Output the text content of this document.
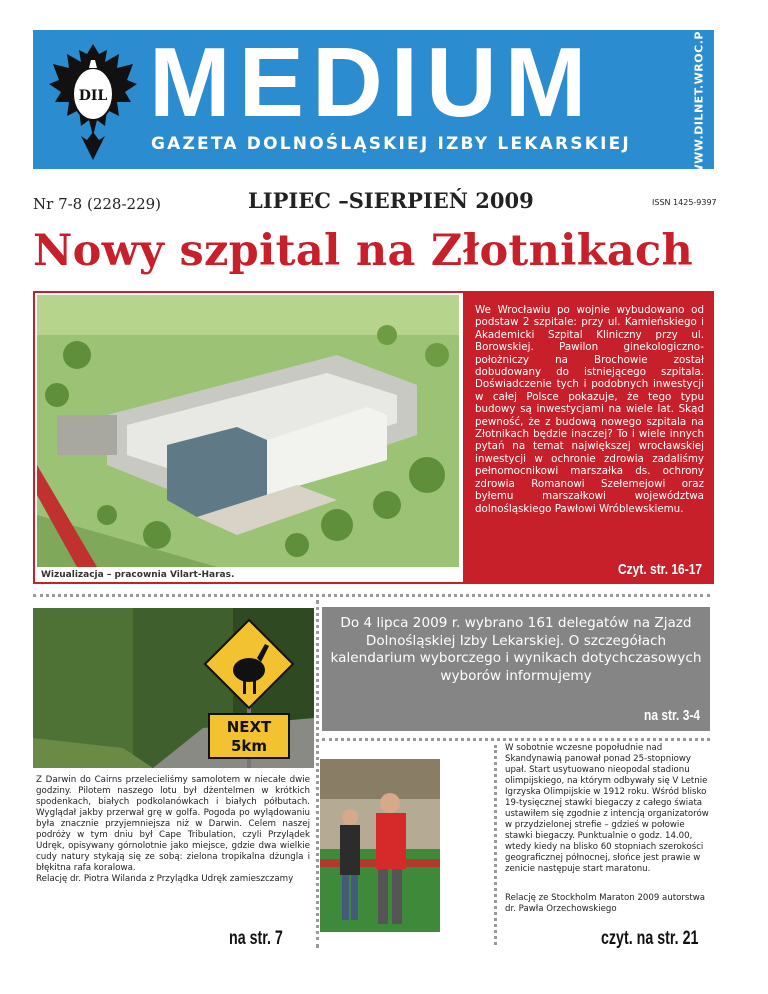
DIL MEDIUM
GAZETA DOLNOŚLĄSKIEJ IZBY LEKARSKIEJ	WWW.DILNET.WROC.PL
Nr 7-8 (228-229)	LIPIEC –SIERPIEŃ 2009	ISSN 1425-9397
Nowy szpital na Złotnikach
Wizualizacja – pracownia Vilart-Haras.
We Wrocławiu po wojnie wybudowano od podstaw 2 szpitale: przy ul. Kamieńskiego i Akademicki Szpital Kliniczny przy ul. Borowskiej. Pawilon ginekologiczno-położniczy na Brochowie został dobudowany do istniejącego szpitala. Doświadczenie tych i podobnych inwestycji w całej Polsce pokazuje, że tego typu budowy są inwestycjami na wiele lat. Skąd pewność, że z budową nowego szpitala na Złotnikach będzie inaczej? To i wiele innych pytań na temat największej wrocławskiej inwestycji w ochronie zdrowia zadaliśmy pełnomocnikowi marszałka ds. ochrony zdrowia Romanowi Szełemejowi oraz byłemu marszałkowi województwa dolnośląskiego Pawłowi Wróblewskiemu.
Czyt. str. 16-17
Do 4 lipca 2009 r. wybrano 161 delegatów na Zjazd Dolnośląskiej Izby Lekarskiej. O szczegółach kalendarium wyborczego i wynikach dotychczasowych wyborów informujemy
na str. 3-4
NEXT
5km
Z Darwin do Cairns przelecieliśmy samolotem w niecałe dwie godziny. Pilotem naszego lotu był dżentelmen w krótkich spodenkach, białych podkolanówkach i białych półbutach. Wyglądał jakby przerwał grę w golfa. Pogoda po wylądowaniu była znacznie przyjemniejsza niż w Darwin. Celem naszej podróży w tym dniu był Cape Tribulation, czyli Przylądek Udręk, opisywany górnolotnie jako miejsce, gdzie dwa wielkie cudy natury stykają się ze sobą: zielona tropikalna dżungla i błękitna rafa koralowa.
Relację dr. Piotra Wilanda z Przylądka Udręk zamieszczamy
na str. 7
W sobotnie wczesne popołudnie nad Skandynawią panował ponad 25-stopniowy upał. Start usytuowano nieopodal stadionu olimpijskiego, na którym odbywały się V Letnie Igrzyska Olimpijskie w 1912 roku. Wśród blisko 19-tysięcznej stawki biegaczy z całego świata ustawiłem się zgodnie z intencją organizatorów w przydzielonej strefie – gdzieś w połowie stawki biegaczy. Punktualnie o godz. 14.00, wtedy kiedy na blisko 60 stopniach szerokości geograficznej północnej, słońce jest prawie w zenicie następuje start maratonu.
Relację ze Stockholm Maraton 2009 autorstwa dr. Pawła Orzechowskiego
czyt. na str. 21
